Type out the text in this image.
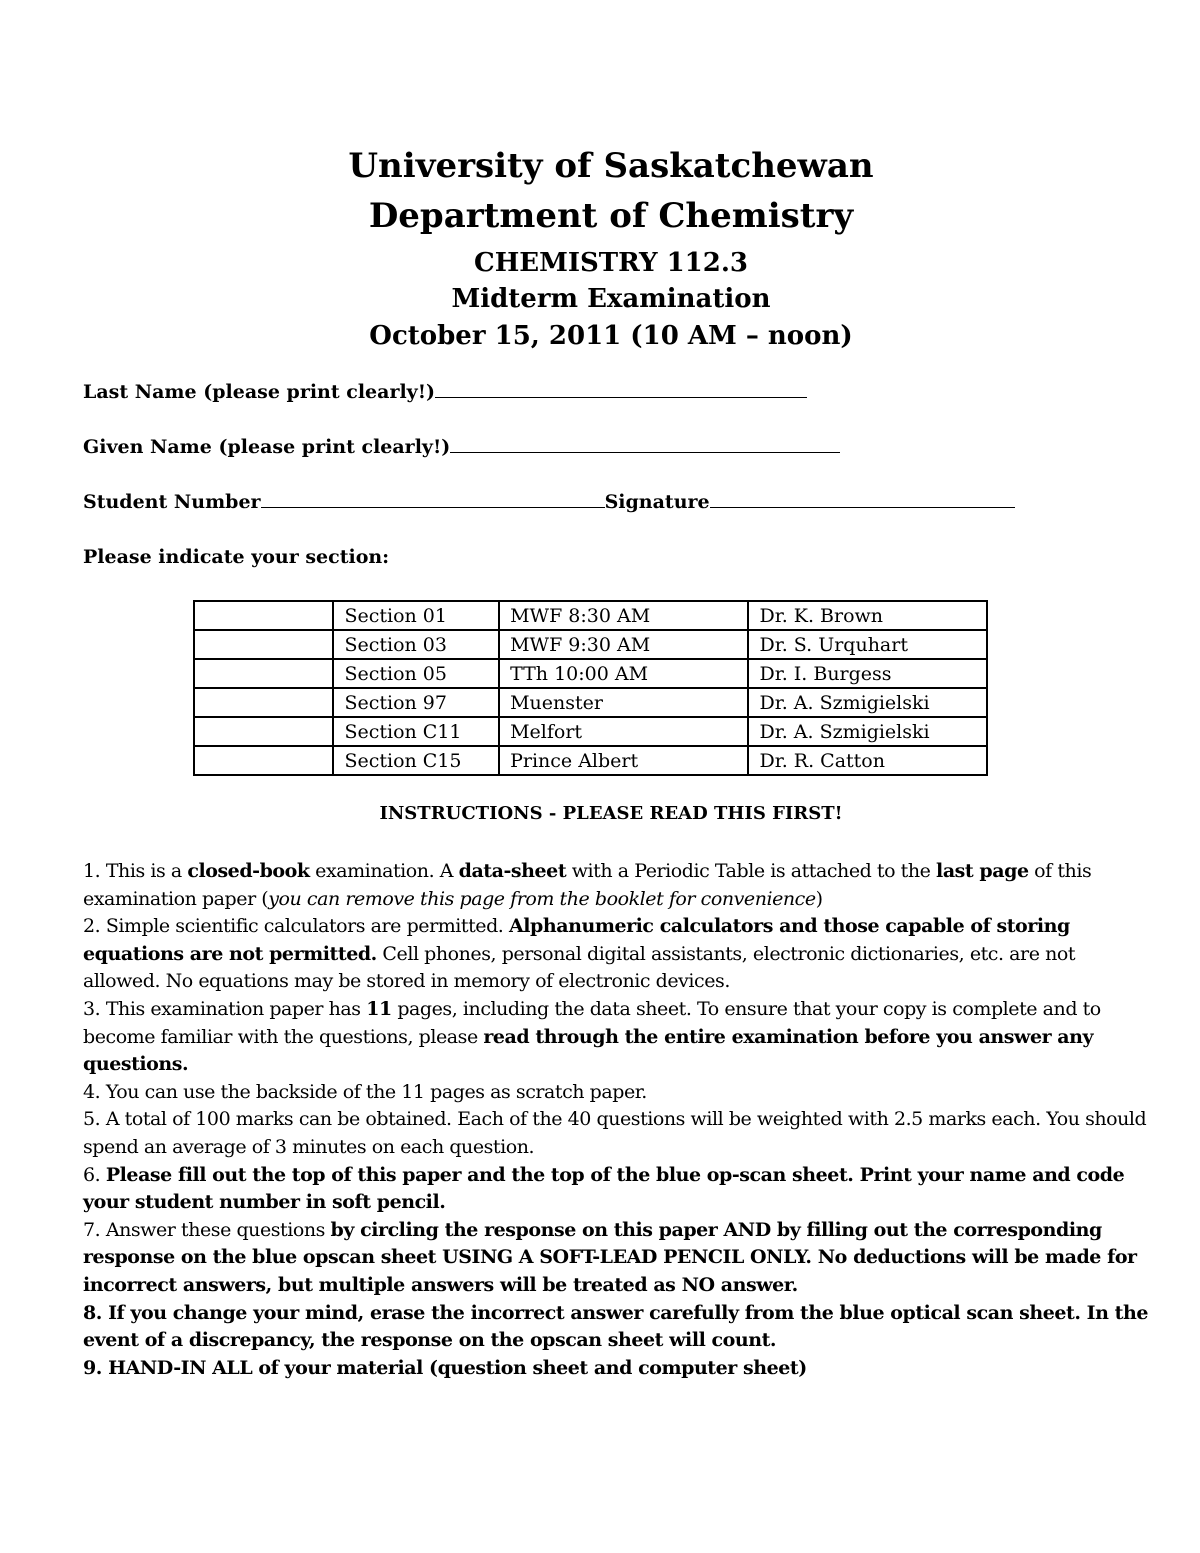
University of Saskatchewan
Department of Chemistry
CHEMISTRY 112.3
Midterm Examination
October 15, 2011 (10 AM – noon)
Last Name (please print clearly!)
Given Name (please print clearly!)
Student Number	Signature
Please indicate your section:
	Section 01	MWF 8:30 AM	Dr. K. Brown
	Section 03	MWF 9:30 AM	Dr. S. Urquhart
	Section 05	TTh 10:00 AM	Dr. I. Burgess
	Section 97	Muenster	Dr. A. Szmigielski
	Section C11	Melfort	Dr. A. Szmigielski
	Section C15	Prince Albert	Dr. R. Catton
INSTRUCTIONS - PLEASE READ THIS FIRST!

1. This is a closed-book examination. A data-sheet with a Periodic Table is attached to the last page of this examination paper (you can remove this page from the booklet for convenience)

2. Simple scientific calculators are permitted. Alphanumeric calculators and those capable of storing equations are not permitted. Cell phones, personal digital assistants, electronic dictionaries, etc. are not allowed. No equations may be stored in memory of electronic devices.

3. This examination paper has 11 pages, including the data sheet. To ensure that your copy is complete and to become familiar with the questions, please read through the entire examination before you answer any questions.

4. You can use the backside of the 11 pages as scratch paper.

5. A total of 100 marks can be obtained. Each of the 40 questions will be weighted with 2.5 marks each. You should spend an average of 3 minutes on each question.

6. Please fill out the top of this paper and the top of the blue op-scan sheet. Print your name and code your student number in soft pencil.

7. Answer these questions by circling the response on this paper AND by filling out the corresponding response on the blue opscan sheet USING A SOFT-LEAD PENCIL ONLY. No deductions will be made for incorrect answers, but multiple answers will be treated as NO answer.

8. If you change your mind, erase the incorrect answer carefully from the blue optical scan sheet. In the event of a discrepancy, the response on the opscan sheet will count.

9. HAND-IN ALL of your material (question sheet and computer sheet)
